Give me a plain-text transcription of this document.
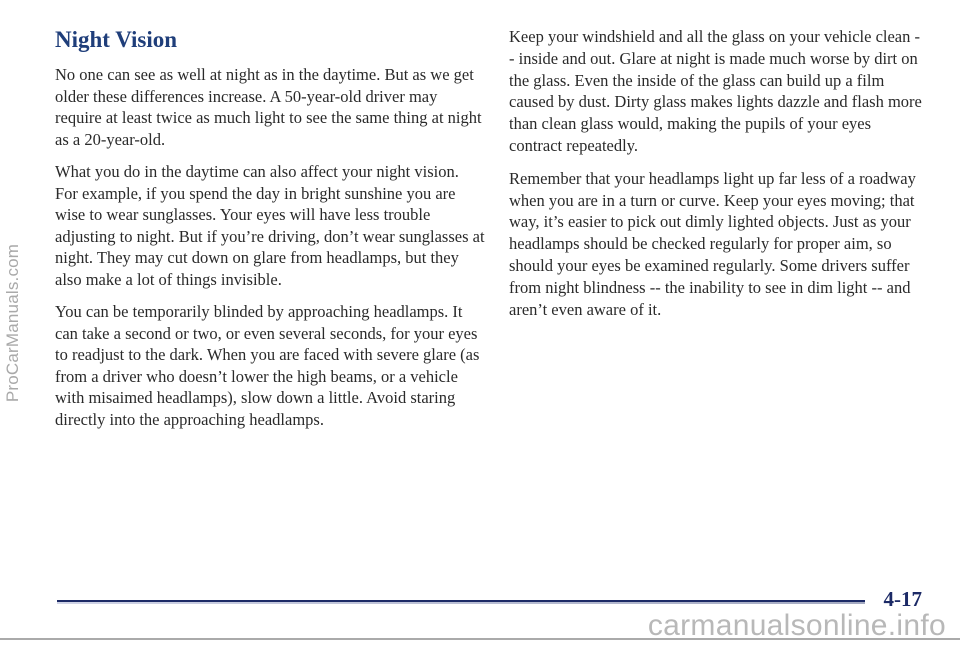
ProCarManuals.com
Night Vision

No one can see as well at night as in the daytime. But as we get older these differences increase. A 50-year-old driver may require at least twice as much light to see the same thing at night as a 20-year-old.

What you do in the daytime can also affect your night vision. For example, if you spend the day in bright sunshine you are wise to wear sunglasses. Your eyes will have less trouble adjusting to night. But if you’re driving, don’t wear sunglasses at night. They may cut down on glare from headlamps, but they also make a lot of things invisible.

You can be temporarily blinded by approaching headlamps. It can take a second or two, or even several seconds, for your eyes to readjust to the dark. When you are faced with severe glare (as from a driver who doesn’t lower the high beams, or a vehicle with misaimed headlamps), slow down a little. Avoid staring directly into the approaching headlamps.

Keep your windshield and all the glass on your vehicle clean -- inside and out. Glare at night is made much worse by dirt on the glass. Even the inside of the glass can build up a film caused by dust. Dirty glass makes lights dazzle and flash more than clean glass would, making the pupils of your eyes contract repeatedly.

Remember that your headlamps light up far less of a roadway when you are in a turn or curve. Keep your eyes moving; that way, it’s easier to pick out dimly lighted objects. Just as your headlamps should be checked regularly for proper aim, so should your eyes be examined regularly. Some drivers suffer from night blindness -- the inability to see in dim light -- and aren’t even aware of it.

4-17
carmanualsonline.info
